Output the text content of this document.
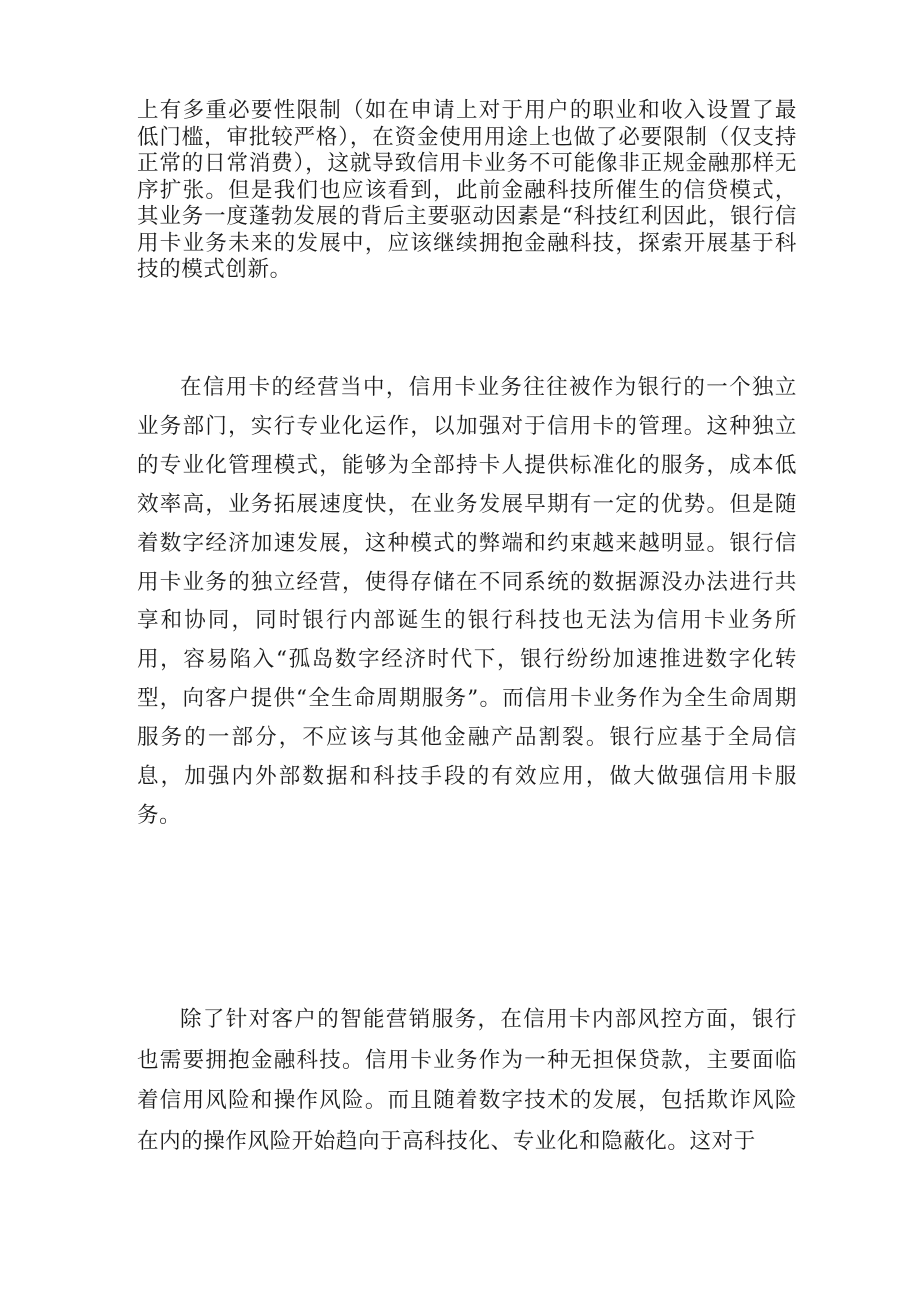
上有多重必要性限制（如在申请上对于用户的职业和收入设置了最低门槛，审批较严格），在资金使用用途上也做了必要限制（仅支持正常的日常消费），这就导致信用卡业务不可能像非正规金融那样无序扩张。但是我们也应该看到，此前金融科技所催生的信贷模式，其业务一度蓬勃发展的背后主要驱动因素是“科技红利因此，银行信用卡业务未来的发展中，应该继续拥抱金融科技，探索开展基于科技的模式创新。

在信用卡的经营当中，信用卡业务往往被作为银行的一个独立业务部门，实行专业化运作，以加强对于信用卡的管理。这种独立的专业化管理模式，能够为全部持卡人提供标准化的服务，成本低效率高，业务拓展速度快，在业务发展早期有一定的优势。但是随着数字经济加速发展，这种模式的弊端和约束越来越明显。银行信用卡业务的独立经营，使得存储在不同系统的数据源没办法进行共享和协同，同时银行内部诞生的银行科技也无法为信用卡业务所用，容易陷入“孤岛数字经济时代下，银行纷纷加速推进数字化转型，向客户提供“全生命周期服务”。而信用卡业务作为全生命周期服务的一部分，不应该与其他金融产品割裂。银行应基于全局信息，加强内外部数据和科技手段的有效应用，做大做强信用卡服务。

除了针对客户的智能营销服务，在信用卡内部风控方面，银行也需要拥抱金融科技。信用卡业务作为一种无担保贷款，主要面临着信用风险和操作风险。而且随着数字技术的发展，包括欺诈风险在内的操作风险开始趋向于高科技化、专业化和隐蔽化。这对于
